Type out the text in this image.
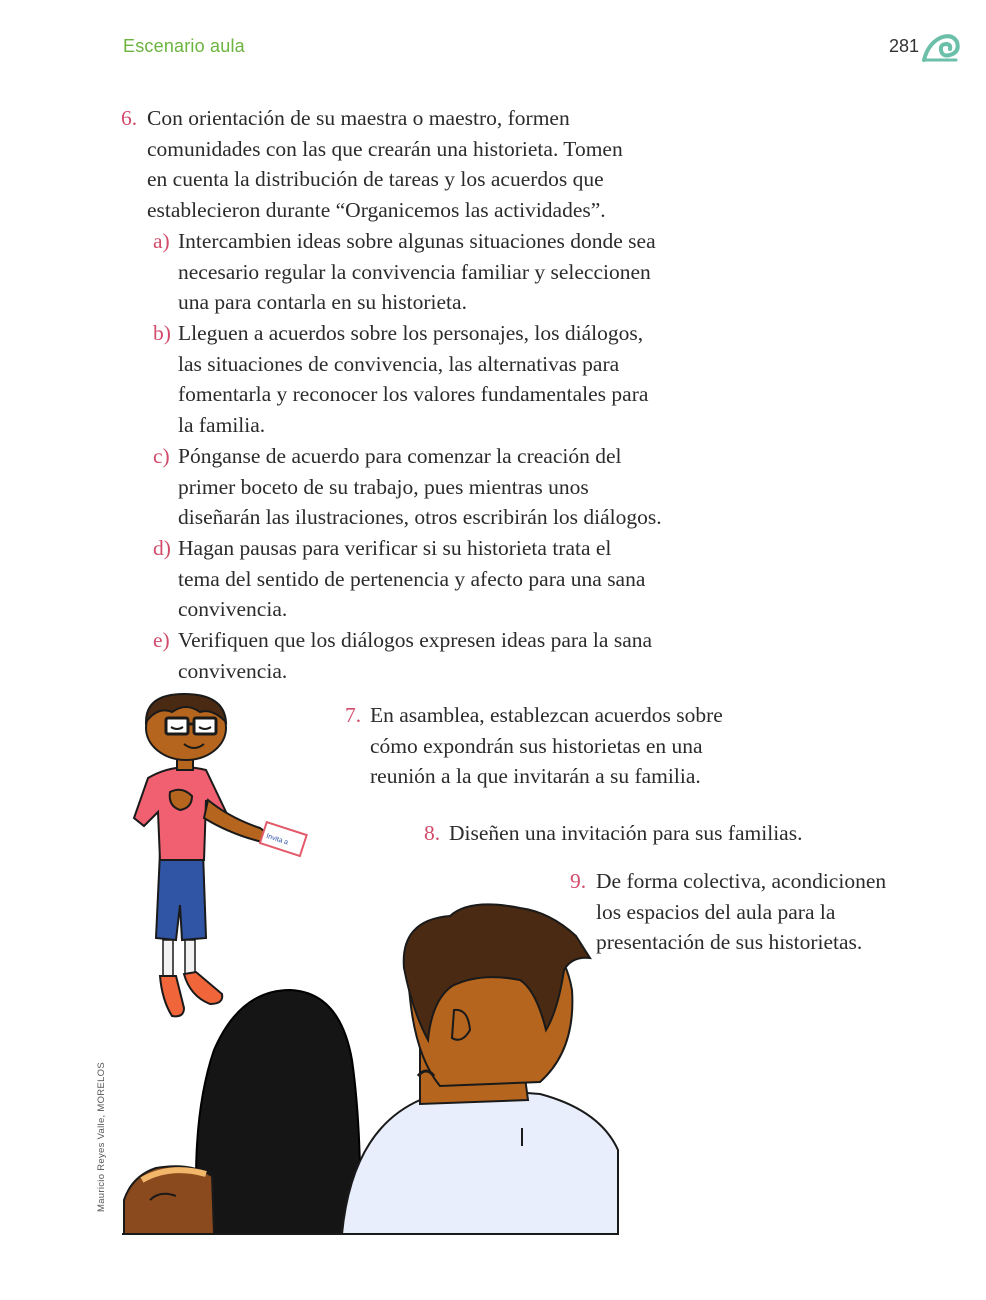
Escenario aula	281
6. Con orientación de su maestra o maestro, formen
comunidades con las que crearán una historieta. Tomen
en cuenta la distribución de tareas y los acuerdos que
establecieron durante “Organicemos las actividades”.
a) Intercambien ideas sobre algunas situaciones donde sea
necesario regular la convivencia familiar y seleccionen
una para contarla en su historieta.
b) Lleguen a acuerdos sobre los personajes, los diálogos,
las situaciones de convivencia, las alternativas para
fomentarla y reconocer los valores fundamentales para
la familia.
c) Pónganse de acuerdo para comenzar la creación del
primer boceto de su trabajo, pues mientras unos
diseñarán las ilustraciones, otros escribirán los diálogos.
d) Hagan pausas para verificar si su historieta trata el
tema del sentido de pertenencia y afecto para una sana
convivencia.
e) Verifiquen que los diálogos expresen ideas para la sana
convivencia.
7. En asamblea, establezcan acuerdos sobre
cómo expondrán sus historietas en una
reunión a la que invitarán a su familia.
8. Diseñen una invitación para sus familias.
9. De forma colectiva, acondicionen
los espacios del aula para la
presentación de sus historietas.
Invita a
Mauricio Reyes Valle, MORELOS
